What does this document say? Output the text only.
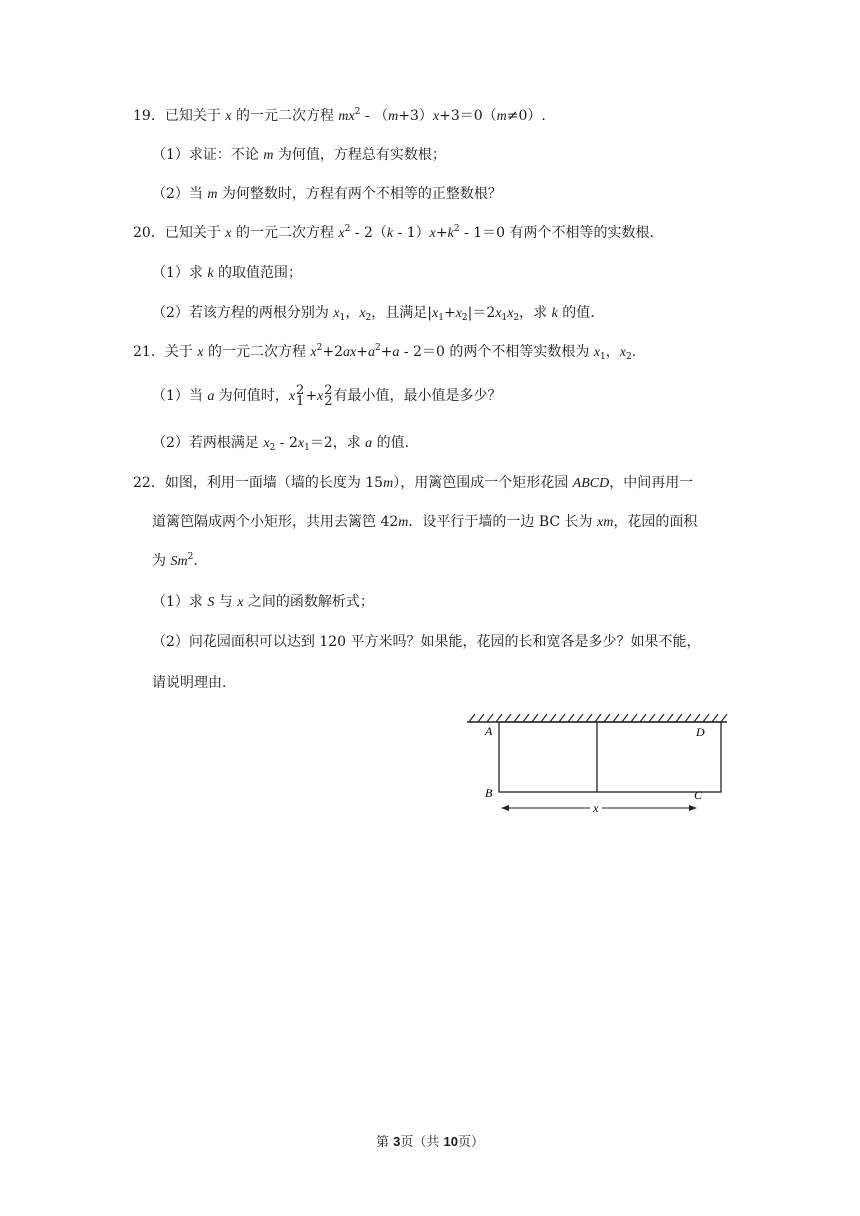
19．已知关于 x 的一元二次方程 $mx^2 - (m+3)x+3=0(m\ne 0)$.
（1）求证：不论 m 为何值，方程总有实数根；
（2）当 m 为何整数时，方程有两个不相等的正整数根？
20．已知关于 x 的一元二次方程 $x^2 - 2(k - 1)x+k^2 - 1=0$ 有两个不相等的实数根.
（1）求 k 的取值范围；
（2）若该方程的两根分别为 $x_1$，$x_2$，且满足$|x_1+x_2|=2x_1x_2$，求 k 的值.
21．关于 x 的一元二次方程 $x^2+2ax+a^2+a - 2=0$ 的两个不相等实数根为 $x_1$，$x_2$.
（1）当 a 为何值时，x 2
1 +x 2
2 有最小值，最小值是多少？
（2）若两根满足 $x_2 - 2x_1=2$，求 a 的值.
22．如图，利用一面墙（墙的长度为 15m），用篱笆围成一个矩形花园 ABCD，中间再用一
道篱笆隔成两个小矩形，共用去篱笆 42m．设平行于墙的一边 BC 长为 xm，花园的面积
为 Sm$^2$.
（1）求 S 与 x 之间的函数解析式；
（2）问花园面积可以达到 120 平方米吗？如果能，花园的长和宽各是多少？如果不能，
请说明理由.
A
B	C
D
x
第 3页（共 10页）
